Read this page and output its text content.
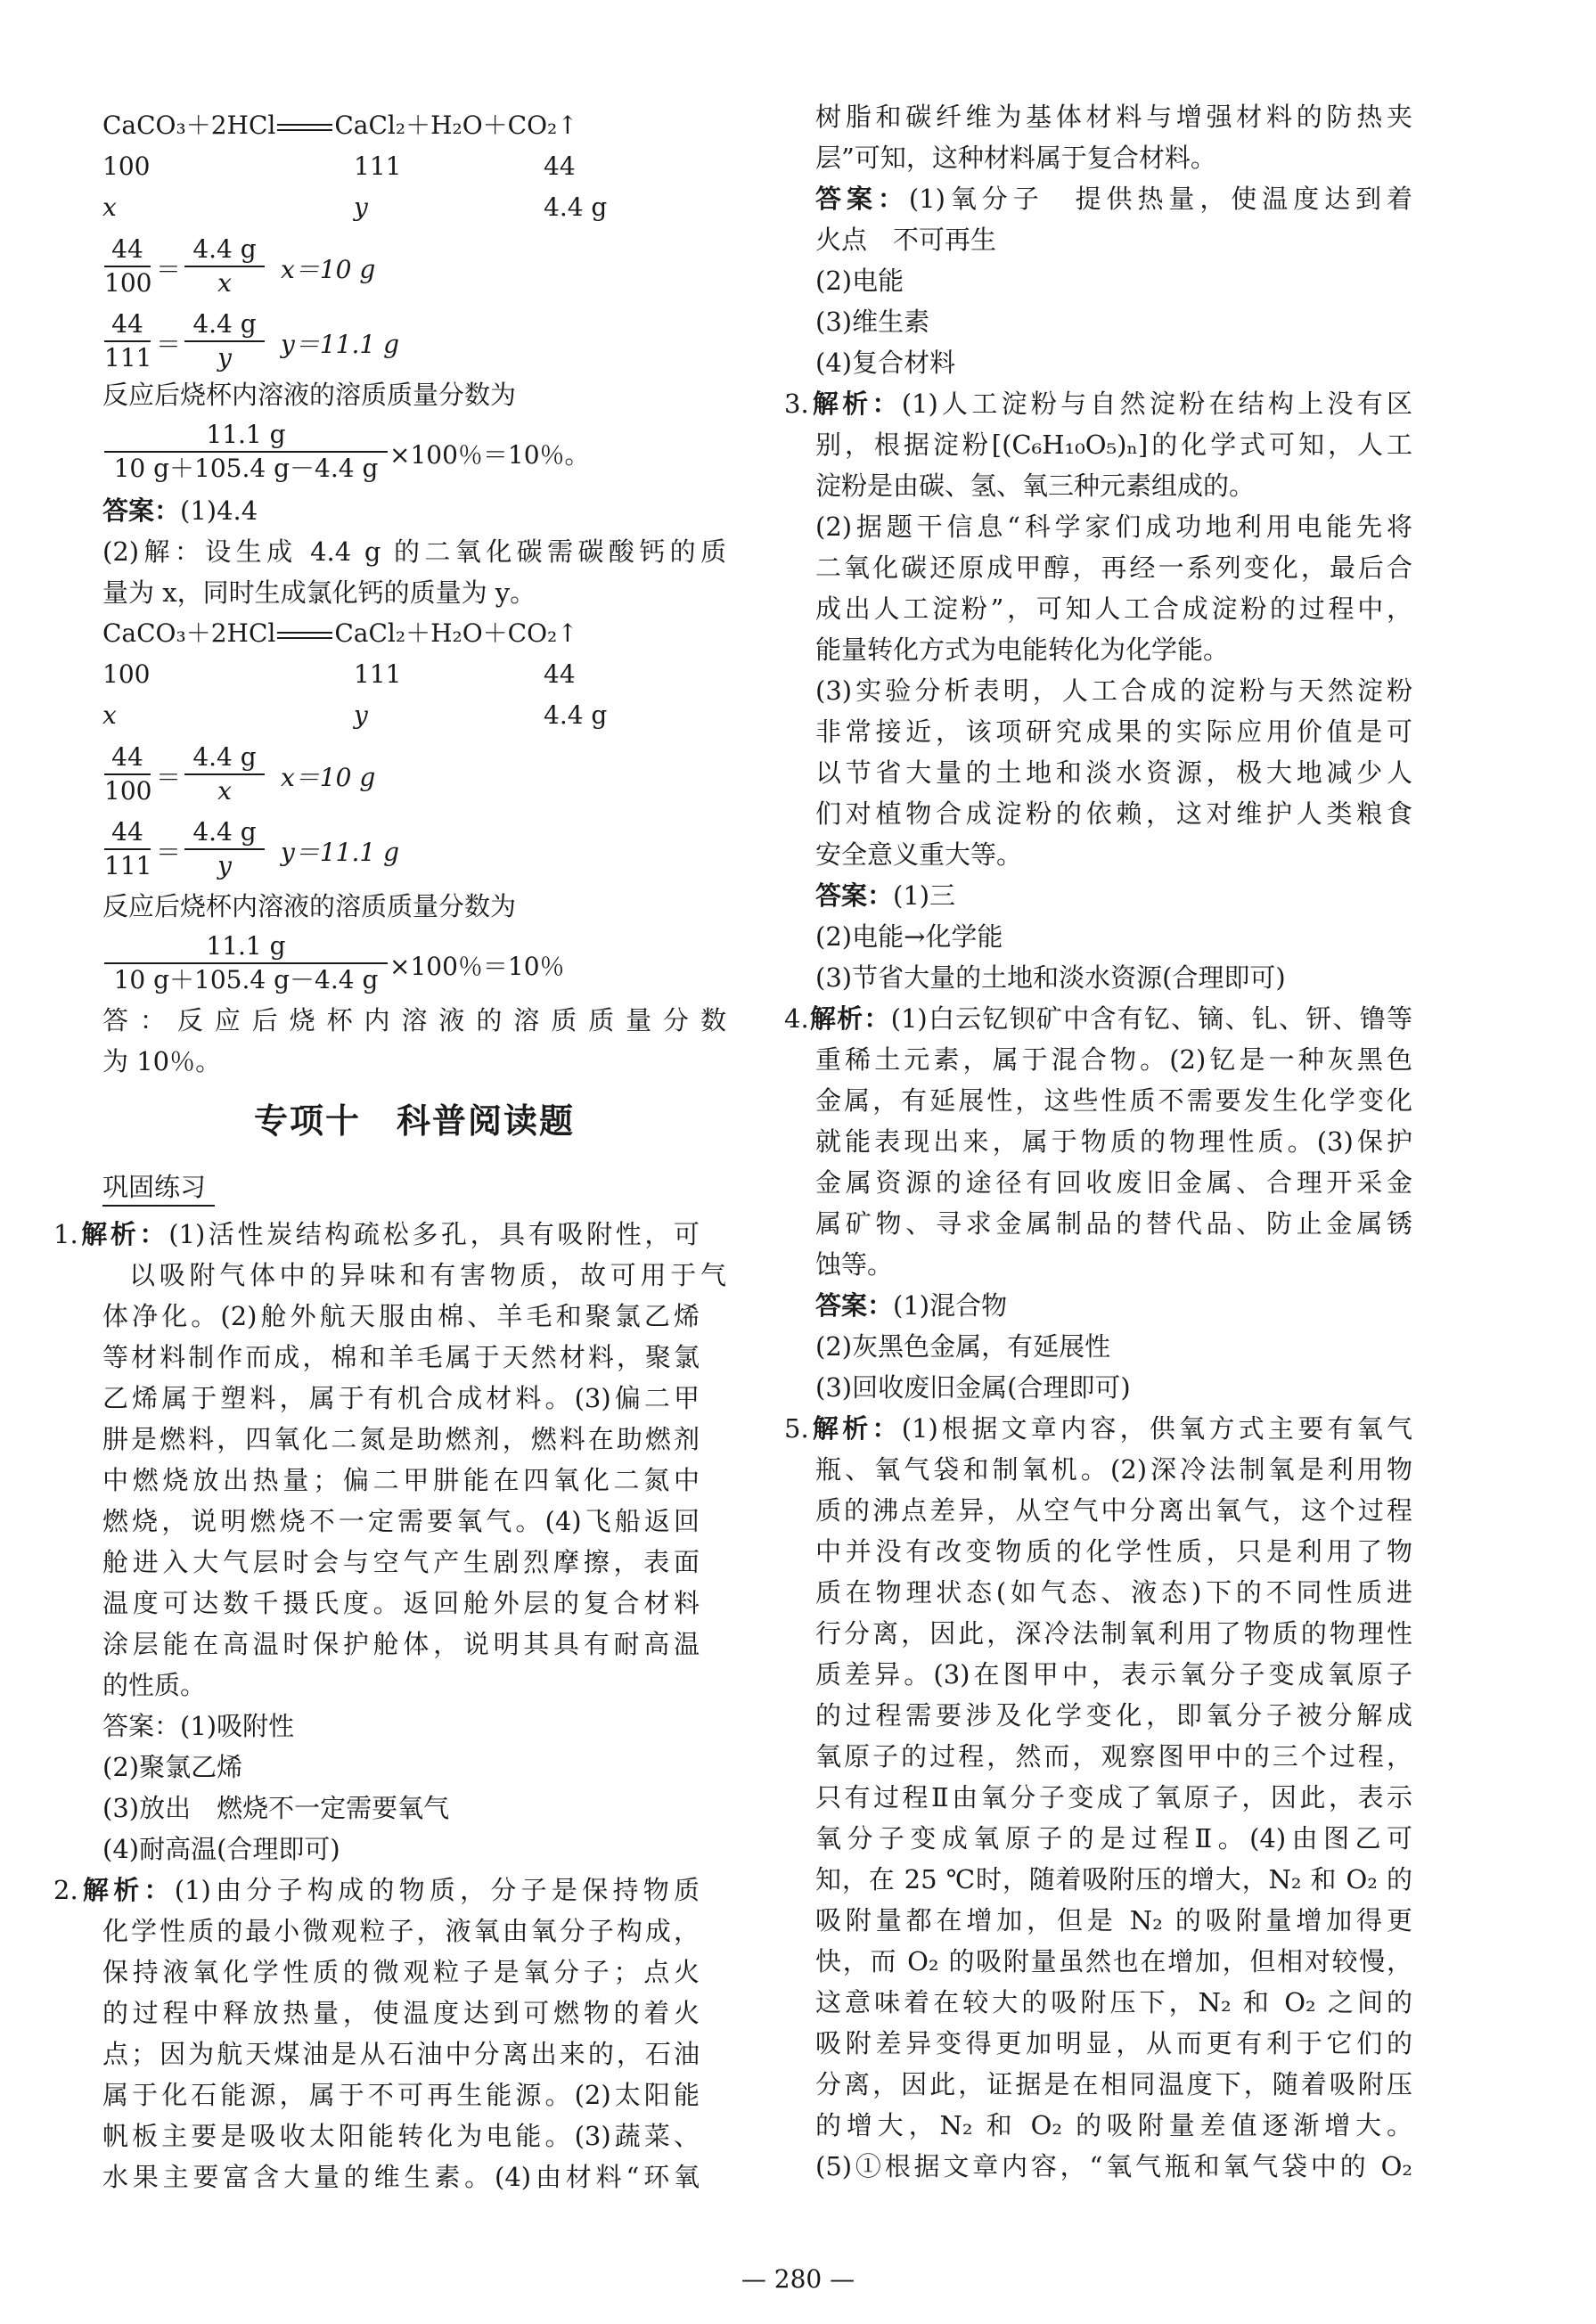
CaCO₃＋2HCl CaCl₂＋H₂O＋CO₂↑
100	111	44
x	y	4.4 g
$\frac{44}{100} = \frac{4.4 g}{x} x=10$ g
$\frac{44}{111} = \frac{4.4 g}{y} y=11.1$ g
反应后烧杯内溶液的溶质质量分数为
$\frac{11.1 g}{10 g+105.4 g-4.4 g} \times 100$％＝10％。
答案：(1)4.4
(2)解：设生成 4.4 g 的二氧化碳需碳酸钙的质
量为 x，同时生成氯化钙的质量为 y。
CaCO₃＋2HCl CaCl₂＋H₂O＋CO₂↑
100	111	44
x	y	4.4 g
$\frac{44}{100} = \frac{4.4 g}{x} x=10$ g
$\frac{44}{111} = \frac{4.4 g}{y} y=11.1$ g
反应后烧杯内溶液的溶质质量分数为
$\frac{11.1 g}{10 g+105.4 g-4.4 g} \times 100$％＝10％
答：反应后烧杯内溶液的溶质质量分数
为 10％。
专项十　科普阅读题
巩固练习
1.解析：(1)活性炭结构疏松多孔，具有吸附性，可
以吸附气体中的异味和有害物质，故可用于气
体净化。(2)舱外航天服由棉、羊毛和聚氯乙烯
等材料制作而成，棉和羊毛属于天然材料，聚氯
乙烯属于塑料，属于有机合成材料。(3)偏二甲
肼是燃料，四氧化二氮是助燃剂，燃料在助燃剂
中燃烧放出热量；偏二甲肼能在四氧化二氮中
燃烧，说明燃烧不一定需要氧气。(4)飞船返回
舱进入大气层时会与空气产生剧烈摩擦，表面
温度可达数千摄氏度。返回舱外层的复合材料
涂层能在高温时保护舱体，说明其具有耐高温
的性质。
答案：(1)吸附性
(2)聚氯乙烯
(3)放出　燃烧不一定需要氧气
(4)耐高温(合理即可)
2.解析：(1)由分子构成的物质，分子是保持物质
化学性质的最小微观粒子，液氧由氧分子构成，
保持液氧化学性质的微观粒子是氧分子；点火
的过程中释放热量，使温度达到可燃物的着火
点；因为航天煤油是从石油中分离出来的，石油
属于化石能源，属于不可再生能源。(2)太阳能
帆板主要是吸收太阳能转化为电能。(3)蔬菜、
水果主要富含大量的维生素。(4)由材料“环氧
树脂和碳纤维为基体材料与增强材料的防热夹
层”可知，这种材料属于复合材料。
答案：(1)氧分子　提供热量，使温度达到着
火点　不可再生
(2)电能
(3)维生素
(4)复合材料
3.解析：(1)人工淀粉与自然淀粉在结构上没有区
别，根据淀粉[(C₆H₁₀O₅)ₙ]的化学式可知，人工
淀粉是由碳、氢、氧三种元素组成的。
(2)据题干信息“科学家们成功地利用电能先将
二氧化碳还原成甲醇，再经一系列变化，最后合
成出人工淀粉”，可知人工合成淀粉的过程中，
能量转化方式为电能转化为化学能。
(3)实验分析表明，人工合成的淀粉与天然淀粉
非常接近，该项研究成果的实际应用价值是可
以节省大量的土地和淡水资源，极大地减少人
们对植物合成淀粉的依赖，这对维护人类粮食
安全意义重大等。
答案：(1)三
(2)电能→化学能
(3)节省大量的土地和淡水资源(合理即可)
4.解析：(1)白云钇钡矿中含有钇、镝、钆、钘、镥等
重稀土元素，属于混合物。(2)钇是一种灰黑色
金属，有延展性，这些性质不需要发生化学变化
就能表现出来，属于物质的物理性质。(3)保护
金属资源的途径有回收废旧金属、合理开采金
属矿物、寻求金属制品的替代品、防止金属锈
蚀等。
答案：(1)混合物
(2)灰黑色金属，有延展性
(3)回收废旧金属(合理即可)
5.解析：(1)根据文章内容，供氧方式主要有氧气
瓶、氧气袋和制氧机。(2)深冷法制氧是利用物
质的沸点差异，从空气中分离出氧气，这个过程
中并没有改变物质的化学性质，只是利用了物
质在物理状态(如气态、液态)下的不同性质进
行分离，因此，深冷法制氧利用了物质的物理性
质差异。(3)在图甲中，表示氧分子变成氧原子
的过程需要涉及化学变化，即氧分子被分解成
氧原子的过程，然而，观察图甲中的三个过程，
只有过程Ⅱ由氧分子变成了氧原子，因此，表示
氧分子变成氧原子的是过程Ⅱ。(4)由图乙可
知，在 25 ℃时，随着吸附压的增大，N₂ 和 O₂ 的
吸附量都在增加，但是 N₂ 的吸附量增加得更
快，而 O₂ 的吸附量虽然也在增加，但相对较慢，
这意味着在较大的吸附压下，N₂ 和 O₂ 之间的
吸附差异变得更加明显，从而更有利于它们的
分离，因此，证据是在相同温度下，随着吸附压
的增大，N₂ 和 O₂ 的吸附量差值逐渐增大。
(5)①根据文章内容，“氧气瓶和氧气袋中的 O₂
— 280 —
